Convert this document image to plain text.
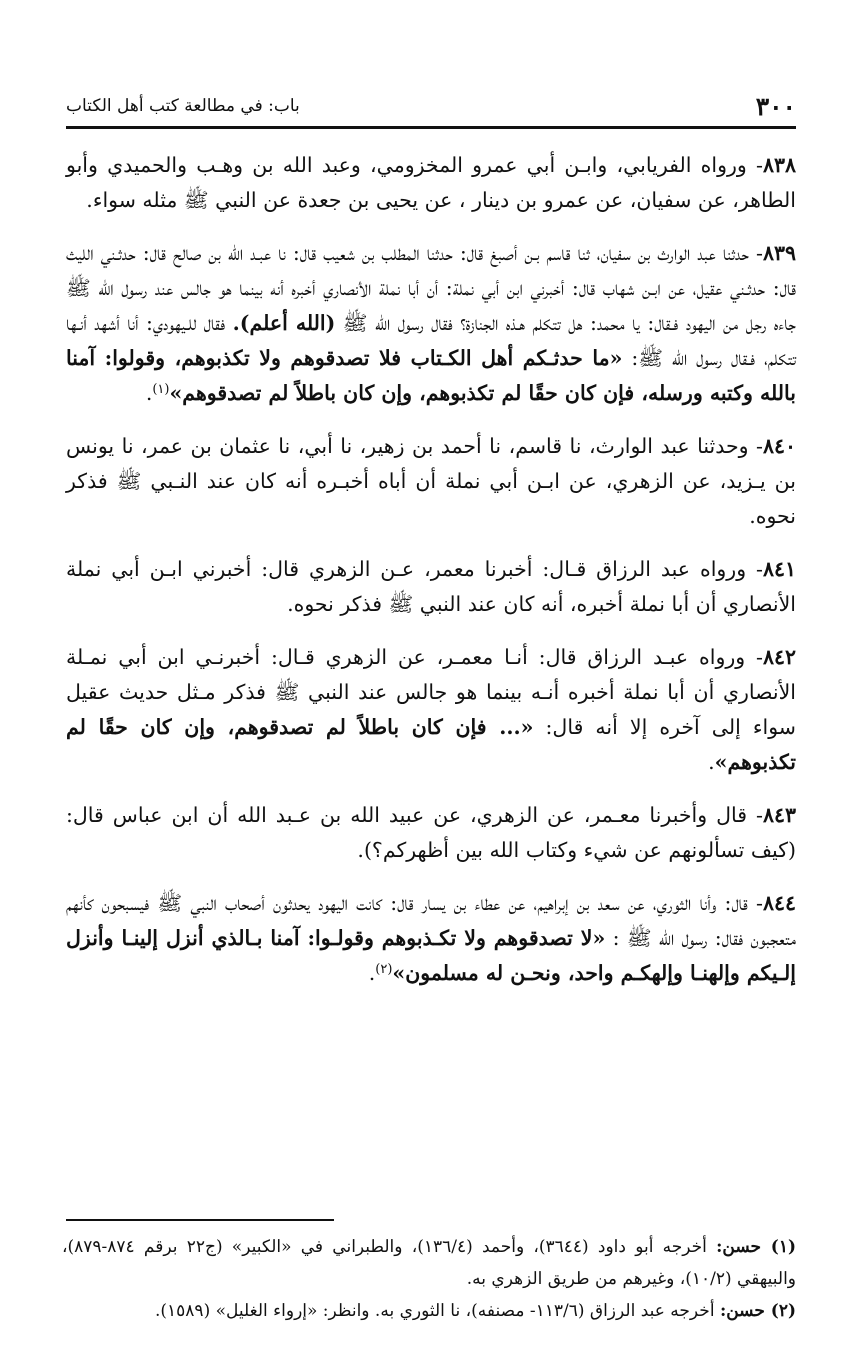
٣٠٠
باب: في مطالعة كتب أهل الكتاب

٨٣٨- ورواه الفريابي، وابـن أبي عمرو المخزومي، وعبد الله بن وهـب والحميدي وأبو الطاهر، عن سفيان، عن عمرو بن دينار ، عن يحيى بن جعدة عن النبي ﷺ مثله سواء.

٨٣٩- حدثنا عبد الوارث بن سفيان، ثنا قاسم بـن أصبغ قال: حدثنا المطلب بن شعيب قال: نا عبـد الله بن صالح قال: حدثـني الليث قال: حدثـني عقيل، عن ابـن شهاب قال: أخبرني ابن أبي نملة: أن أبا نملة الأنصاري أخبره أنه بينما هو جالس عند رسول الله ﷺ جاءه رجل من اليهود فـقال: يا محمد: هل تتكلم هـذه الجنازة؟ فقال رسول الله ﷺ (الله أعلم). فقال للـيهودي: أنا أشهد أنـها تتكلم، فـقال رسول الله ﷺ: «ما حدثـكم أهل الكـتاب فلا تصدقوهم ولا تكذبوهم، وقولوا: آمنا بالله وكتبه ورسله، فإن كان حقًا لم تكذبوهم، وإن كان باطلاً لم تصدقوهم»$^{(١)}$.

٨٤٠- وحدثنا عبد الوارث، نا قاسم، نا أحمد بن زهير، نا أبي، نا عثمان بن عمر، نا يونس بن يـزيد، عن الزهري، عن ابـن أبي نملة أن أباه أخبـره أنه كان عند النـبي ﷺ فذكر نحوه.

٨٤١- ورواه عبد الرزاق قـال: أخبرنا معمر، عـن الزهري قال: أخبرني ابـن أبي نملة الأنصاري أن أبا نملة أخبره، أنه كان عند النبي ﷺ فذكر نحوه.

٨٤٢- ورواه عبـد الرزاق قال: أنـا معمـر، عن الزهري قـال: أخبرنـي ابن أبي نمـلة الأنصاري أن أبا نملة أخبره أنـه بينما هو جالس عند النبي ﷺ فذكر مـثل حديث عقيل سواء إلى آخره إلا أنه قال: «... فإن كان باطلاً لم تصدقوهم، وإن كان حقًا لم تكذبوهم».

٨٤٣- قال وأخبرنا معـمر، عن الزهري، عن عبيد الله بن عـبد الله أن ابن عباس قال: (كيف تسألونهم عن شيء وكتاب الله بين أظهركم؟).

٨٤٤- قال: وأنا الثوري، عن سعد بن إبراهيم، عن عطاء بن يسار قال: كانت اليهود يحدثون أصحاب النبي ﷺ فيسبحون كأنهم متعجبون فقال: رسول الله ﷺ : «لا تصدقوهم ولا تكـذبوهم وقولـوا: آمنا بـالذي أنزل إلينـا وأنزل إلـيكم وإلهنـا وإلهكـم واحد، ونحـن له مسلمون»$^{(٢)}$.

(١) حسن: أخرجه أبو داود (٣٦٤٤)، وأحمد (١٣٦/٤)، والطبراني في «الكبير» (ج٢٢ برقم ٨٧٤-٨٧٩)، والبيهقي (١٠/٢)، وغيرهم من طريق الزهري به.

(٢) حسن: أخرجه عبد الرزاق (١١٣/٦- مصنفه)، نا الثوري به. وانظر: «إرواء الغليل» (١٥٨٩).
